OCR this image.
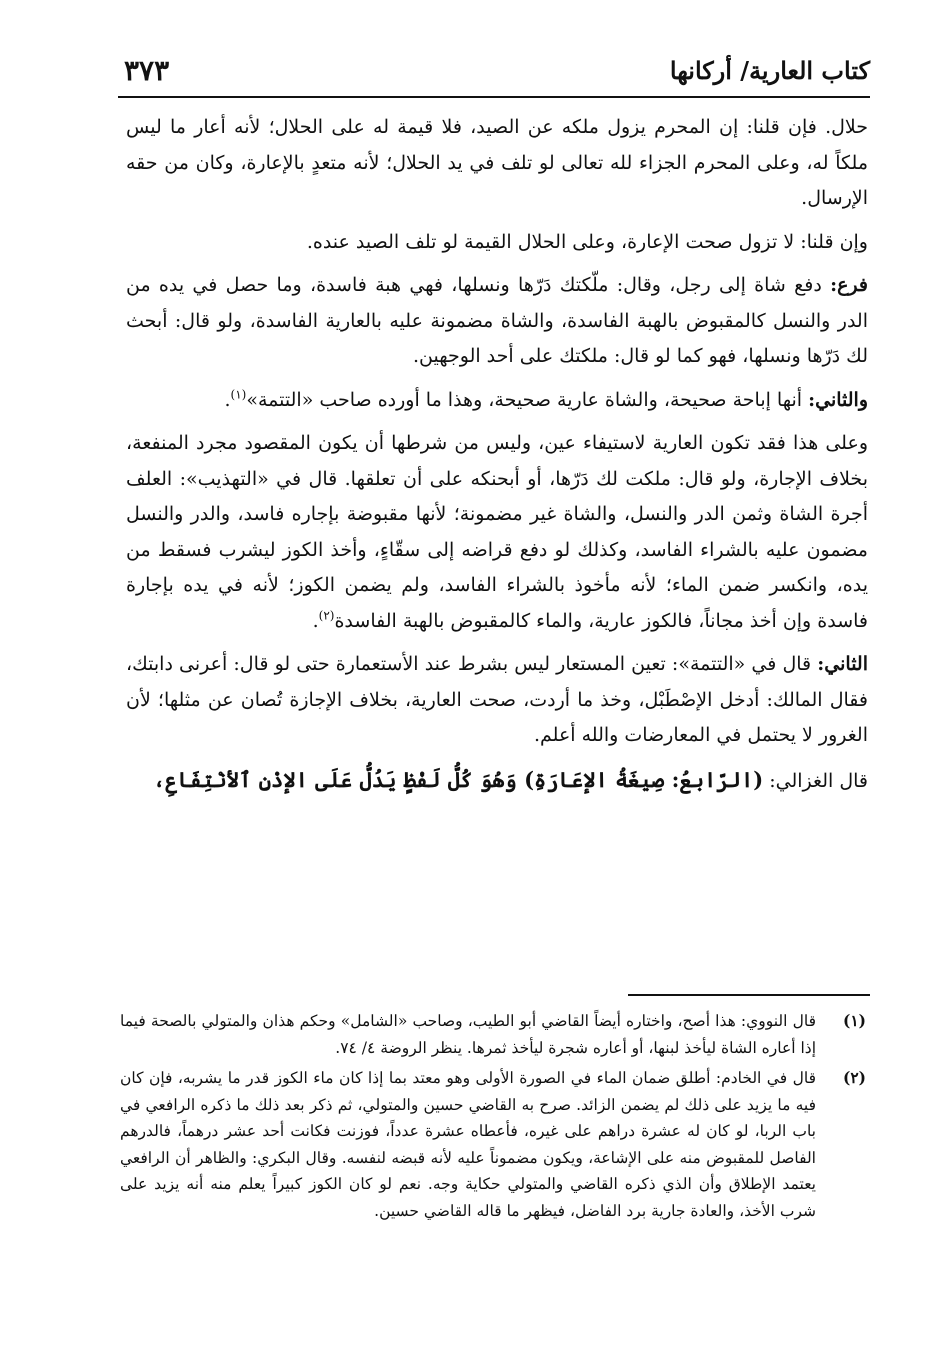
كتاب العارية/ أركانها
٣٧٣

حلال. فإن قلنا: إن المحرم يزول ملكه عن الصيد، فلا قيمة له على الحلال؛ لأنه أعار ما ليس ملكاً له، وعلى المحرم الجزاء لله تعالى لو تلف في يد الحلال؛ لأنه متعدٍ بالإعارة، وكان من حقه الإرسال.

وإن قلنا: لا تزول صحت الإعارة، وعلى الحلال القيمة لو تلف الصيد عنده.

فرع: دفع شاة إلى رجل، وقال: ملّكتك دَرّها ونسلها، فهي هبة فاسدة، وما حصل في يده من الدر والنسل كالمقبوض بالهبة الفاسدة، والشاة مضمونة عليه بالعارية الفاسدة، ولو قال: أبحث لك دَرّها ونسلها، فهو كما لو قال: ملكتك على أحد الوجهين.

والثاني: أنها إباحة صحيحة، والشاة عارية صحيحة، وهذا ما أورده صاحب «التتمة»$^{(١)}$.

وعلى هذا فقد تكون العارية لاستيفاء عين، وليس من شرطها أن يكون المقصود مجرد المنفعة، بخلاف الإجارة، ولو قال: ملكت لك دَرّها، أو أبحنكه على أن تعلقها. قال في «التهذيب»: العلف أجرة الشاة وثمن الدر والنسل، والشاة غير مضمونة؛ لأنها مقبوضة بإجاره فاسد، والدر والنسل مضمون عليه بالشراء الفاسد، وكذلك لو دفع قراضه إلى سقّاءٍ، وأخذ الكوز ليشرب فسقط من يده، وانكسر ضمن الماء؛ لأنه مأخوذ بالشراء الفاسد، ولم يضمن الكوز؛ لأنه في يده بإجارة فاسدة وإن أخذ مجاناً، فالكوز عارية، والماء كالمقبوض بالهبة الفاسدة$^{(٢)}$.

الثاني: قال في «التتمة»: تعين المستعار ليس بشرط عند الأستعمارة حتى لو قال: أعرنى دابتك، فقال المالك: أدخل الإصْطَبْل، وخذ ما أردت، صحت العارية، بخلاف الإجازة تُصان عن مثلها؛ لأن الغرور لا يحتمل في المعارضات والله أعلم.

قال الغزالي: (الرّابعُ: صِيغَةُ الإعَارَةِ) وَهُوَ كُلُّ لَفْظٍ يَدُلُّ عَلَى الإذْنِ ٱلأنْتِفَاعِ،

(١)
قال النووي: هذا أصح، واختاره أيضاً القاضي أبو الطيب، وصاحب «الشامل» وحكم هذان والمتولي بالصحة فيما إذا أعاره الشاة ليأخذ لبنها، أو أعاره شجرة ليأخذ ثمرها. ينظر الروضة ٤/ ٧٤.
(٢)
قال في الخادم: أطلق ضمان الماء في الصورة الأولى وهو معتد بما إذا كان ماء الكوز قدر ما يشربه، فإن كان فيه ما يزيد على ذلك لم يضمن الزائد. صرح به القاضي حسين والمتولي، ثم ذكر بعد ذلك ما ذكره الرافعي في باب الربا، لو كان له عشرة دراهم على غيره، فأعطاه عشرة عدداً، فوزنت فكانت أحد عشر درهماً، فالدرهم الفاصل للمقبوض منه على الإشاعة، ويكون مضموناً عليه لأنه قبضه لنفسه. وقال البكري: والظاهر أن الرافعي يعتمد الإطلاق وأن الذي ذكره القاضي والمتولي حكاية وجه. نعم لو كان الكوز كبيراً يعلم منه أنه يزيد على شرب الأخذ، والعادة جارية برد الفاضل، فيظهر ما قاله القاضي حسين.
